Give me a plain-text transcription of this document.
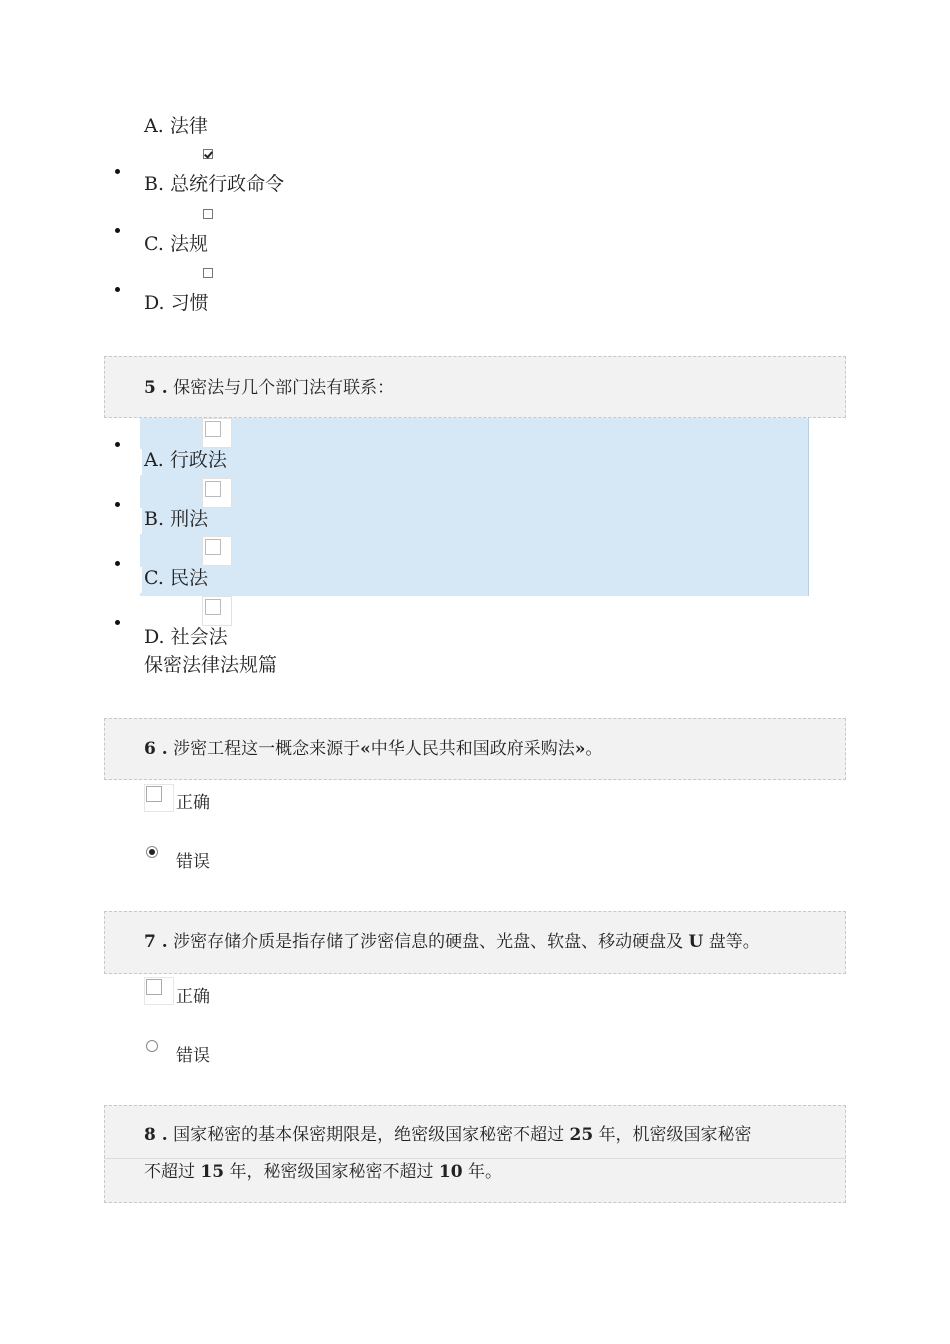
A. 法律
B. 总统行政命令
C. 法规
D. 习惯
5 . 保密法与几个部门法有联系：
A. 行政法
B. 刑法
C. 民法
D. 社会法
保密法律法规篇
6 . 涉密工程这一概念来源于«中华人民共和国政府采购法»。
正确
错误
7 . 涉密存储介质是指存储了涉密信息的硬盘、光盘、软盘、移动硬盘及 U 盘等。
正确
错误
8 . 国家秘密的基本保密期限是，绝密级国家秘密不超过 25 年，机密级国家秘密
不超过 15 年，秘密级国家秘密不超过 10 年。
